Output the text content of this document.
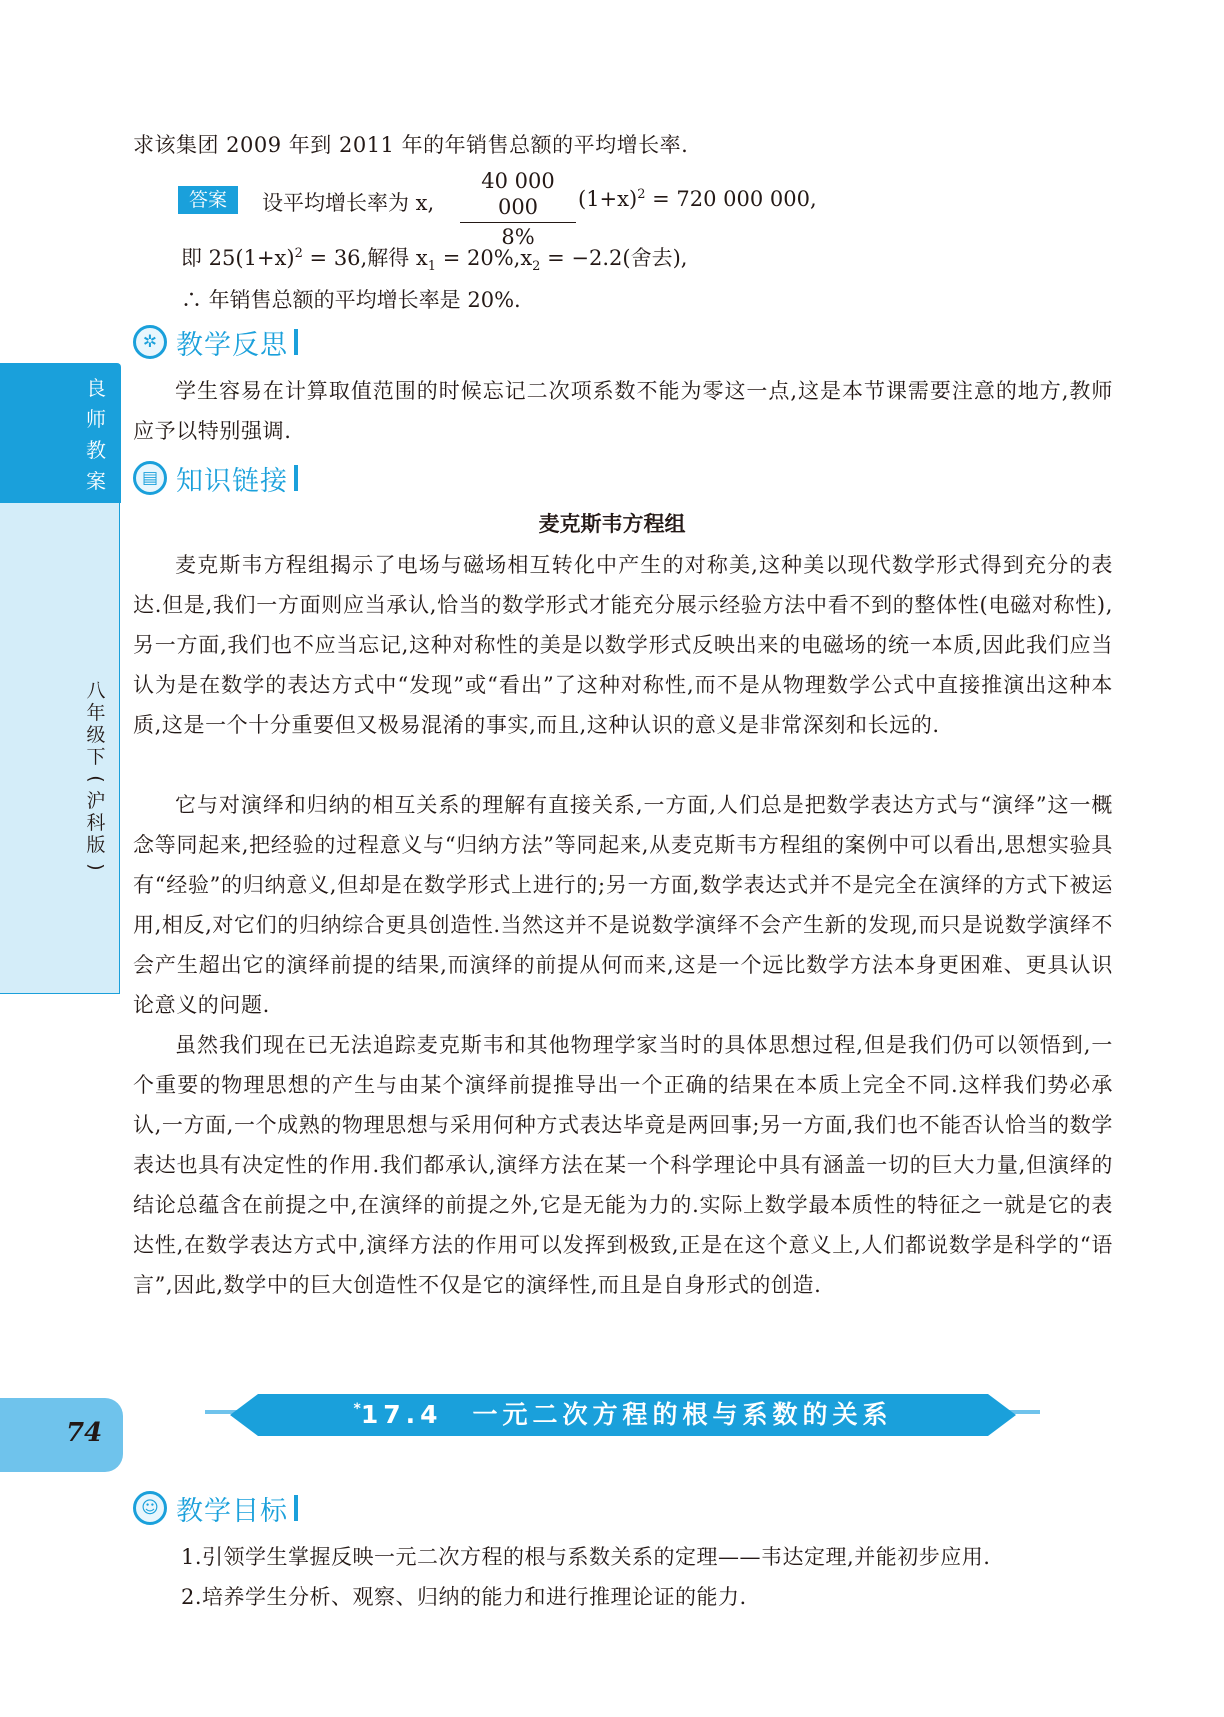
良
师
教
案
八
年
级
下
(
沪
科
版
)
74
求该集团 2009 年到 2011 年的年销售总额的平均增长率.
答案	设平均增长率为 x, $\frac{40 000 000}{8\%} (1+x)^2 = 720$ 000 000,
即 $25(1+x)^2 = 36$,解得 $x_1 = 20\%,x_2 = -2.2$(舍去),
∴ 年销售总额的平均增长率是 20%.
✲ 教学反思
学生容易在计算取值范围的时候忘记二次项系数不能为零这一点,这是本节课需要注意的地方,教师应予以特别强调.
▤ 知识链接
麦克斯韦方程组
麦克斯韦方程组揭示了电场与磁场相互转化中产生的对称美,这种美以现代数学形式得到充分的表达.但是,我们一方面则应当承认,恰当的数学形式才能充分展示经验方法中看不到的整体性(电磁对称性),另一方面,我们也不应当忘记,这种对称性的美是以数学形式反映出来的电磁场的统一本质,因此我们应当认为是在数学的表达方式中“发现”或“看出”了这种对称性,而不是从物理数学公式中直接推演出这种本质,这是一个十分重要但又极易混淆的事实,而且,这种认识的意义是非常深刻和长远的.
它与对演绎和归纳的相互关系的理解有直接关系,一方面,人们总是把数学表达方式与“演绎”这一概念等同起来,把经验的过程意义与“归纳方法”等同起来,从麦克斯韦方程组的案例中可以看出,思想实验具有“经验”的归纳意义,但却是在数学形式上进行的;另一方面,数学表达式并不是完全在演绎的方式下被运用,相反,对它们的归纳综合更具创造性.当然这并不是说数学演绎不会产生新的发现,而只是说数学演绎不会产生超出它的演绎前提的结果,而演绎的前提从何而来,这是一个远比数学方法本身更困难、更具认识论意义的问题.
虽然我们现在已无法追踪麦克斯韦和其他物理学家当时的具体思想过程,但是我们仍可以领悟到,一个重要的物理思想的产生与由某个演绎前提推导出一个正确的结果在本质上完全不同.这样我们势必承认,一方面,一个成熟的物理思想与采用何种方式表达毕竟是两回事;另一方面,我们也不能否认恰当的数学表达也具有决定性的作用.我们都承认,演绎方法在某一个科学理论中具有涵盖一切的巨大力量,但演绎的结论总蕴含在前提之中,在演绎的前提之外,它是无能为力的.实际上数学最本质性的特征之一就是它的表达性,在数学表达方式中,演绎方法的作用可以发挥到极致,正是在这个意义上,人们都说数学是科学的“语言”,因此,数学中的巨大创造性不仅是它的演绎性,而且是自身形式的创造.
*17.4　一元二次方程的根与系数的关系
☺ 教学目标
1.引领学生掌握反映一元二次方程的根与系数关系的定理——韦达定理,并能初步应用.
2.培养学生分析、观察、归纳的能力和进行推理论证的能力.
